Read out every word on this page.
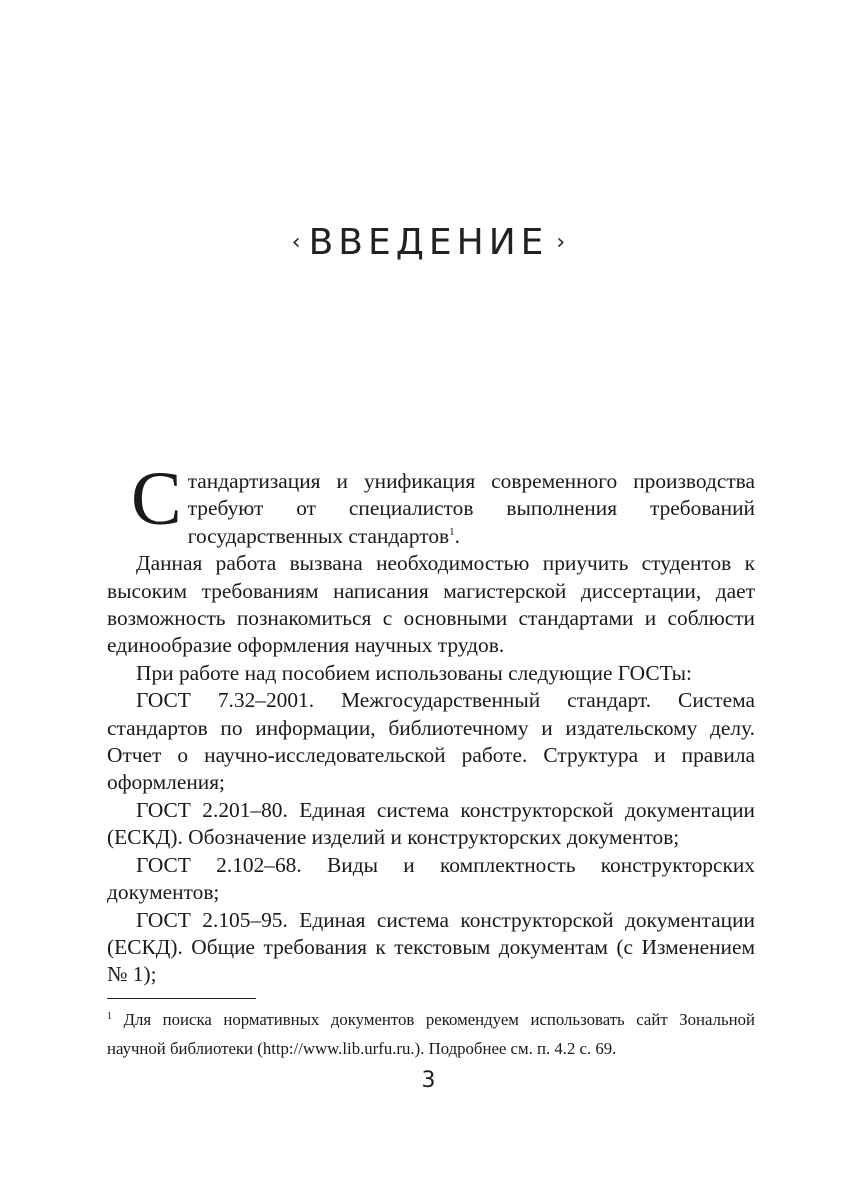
‹ ВВЕДЕНИЕ ›

Стандартизация и унификация современного производства требуют от специалистов выполнения требований государственных стандартов$^1$.

Данная работа вызвана необходимостью приучить студентов к высоким требованиям написания магистерской диссертации, дает возможность познакомиться с основными стандартами и соблюсти единообразие оформления научных трудов.

При работе над пособием использованы следующие ГОСТы:

ГОСТ 7.32–2001. Межгосударственный стандарт. Система стандартов по информации, библиотечному и издательскому делу. Отчет о научно-исследовательской работе. Структура и правила оформления;

ГОСТ 2.201–80. Единая система конструкторской документации (ЕСКД). Обозначение изделий и конструкторских документов;

ГОСТ 2.102–68. Виды и комплектность конструкторских документов;

ГОСТ 2.105–95. Единая система конструкторской документации (ЕСКД). Общие требования к текстовым документам (с Изменением № 1);

$^1$ Для поиска нормативных документов рекомендуем использовать сайт Зональной научной библиотеки (http://www.lib.urfu.ru.). Подробнее см. п. 4.2 с. 69.

3
